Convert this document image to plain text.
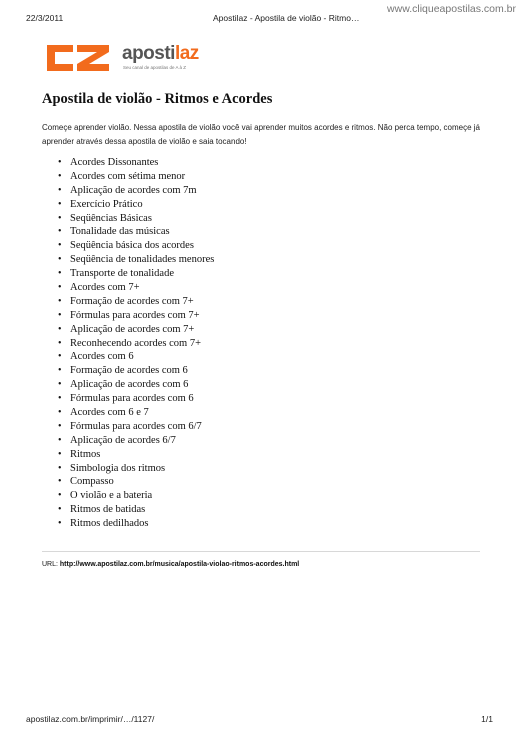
22/3/2011	Apostilaz - Apostila de violão - Ritmo…
www.cliqueapostilas.com.br
apostilaz
Seu canal de apostilas de A à Z
Apostila de violão - Ritmos e Acordes

Começe aprender violão. Nessa apostila de violão você vai aprender muitos acordes e ritmos. Não perca tempo, começe já aprender através dessa apostila de violão e saia tocando!

• Acordes Dissonantes
• Acordes com sétima menor
• Aplicação de acordes com 7m
• Exercício Prático
• Seqüências Básicas
• Tonalidade das músicas
• Seqüência básica dos acordes
• Seqüência de tonalidades menores
• Transporte de tonalidade
• Acordes com 7+
• Formação de acordes com 7+
• Fórmulas para acordes com 7+
• Aplicação de acordes com 7+
• Reconhecendo acordes com 7+
• Acordes com 6
• Formação de acordes com 6
• Aplicação de acordes com 6
• Fórmulas para acordes com 6
• Acordes com 6 e 7
• Fórmulas para acordes com 6/7
• Aplicação de acordes 6/7
• Ritmos
• Simbologia dos ritmos
• Compasso
• O violão e a bateria
• Ritmos de batidas
• Ritmos dedilhados
URL: http://www.apostilaz.com.br/musica/apostila-violao-ritmos-acordes.html
apostilaz.com.br/imprimir/…/1127/	1/1
